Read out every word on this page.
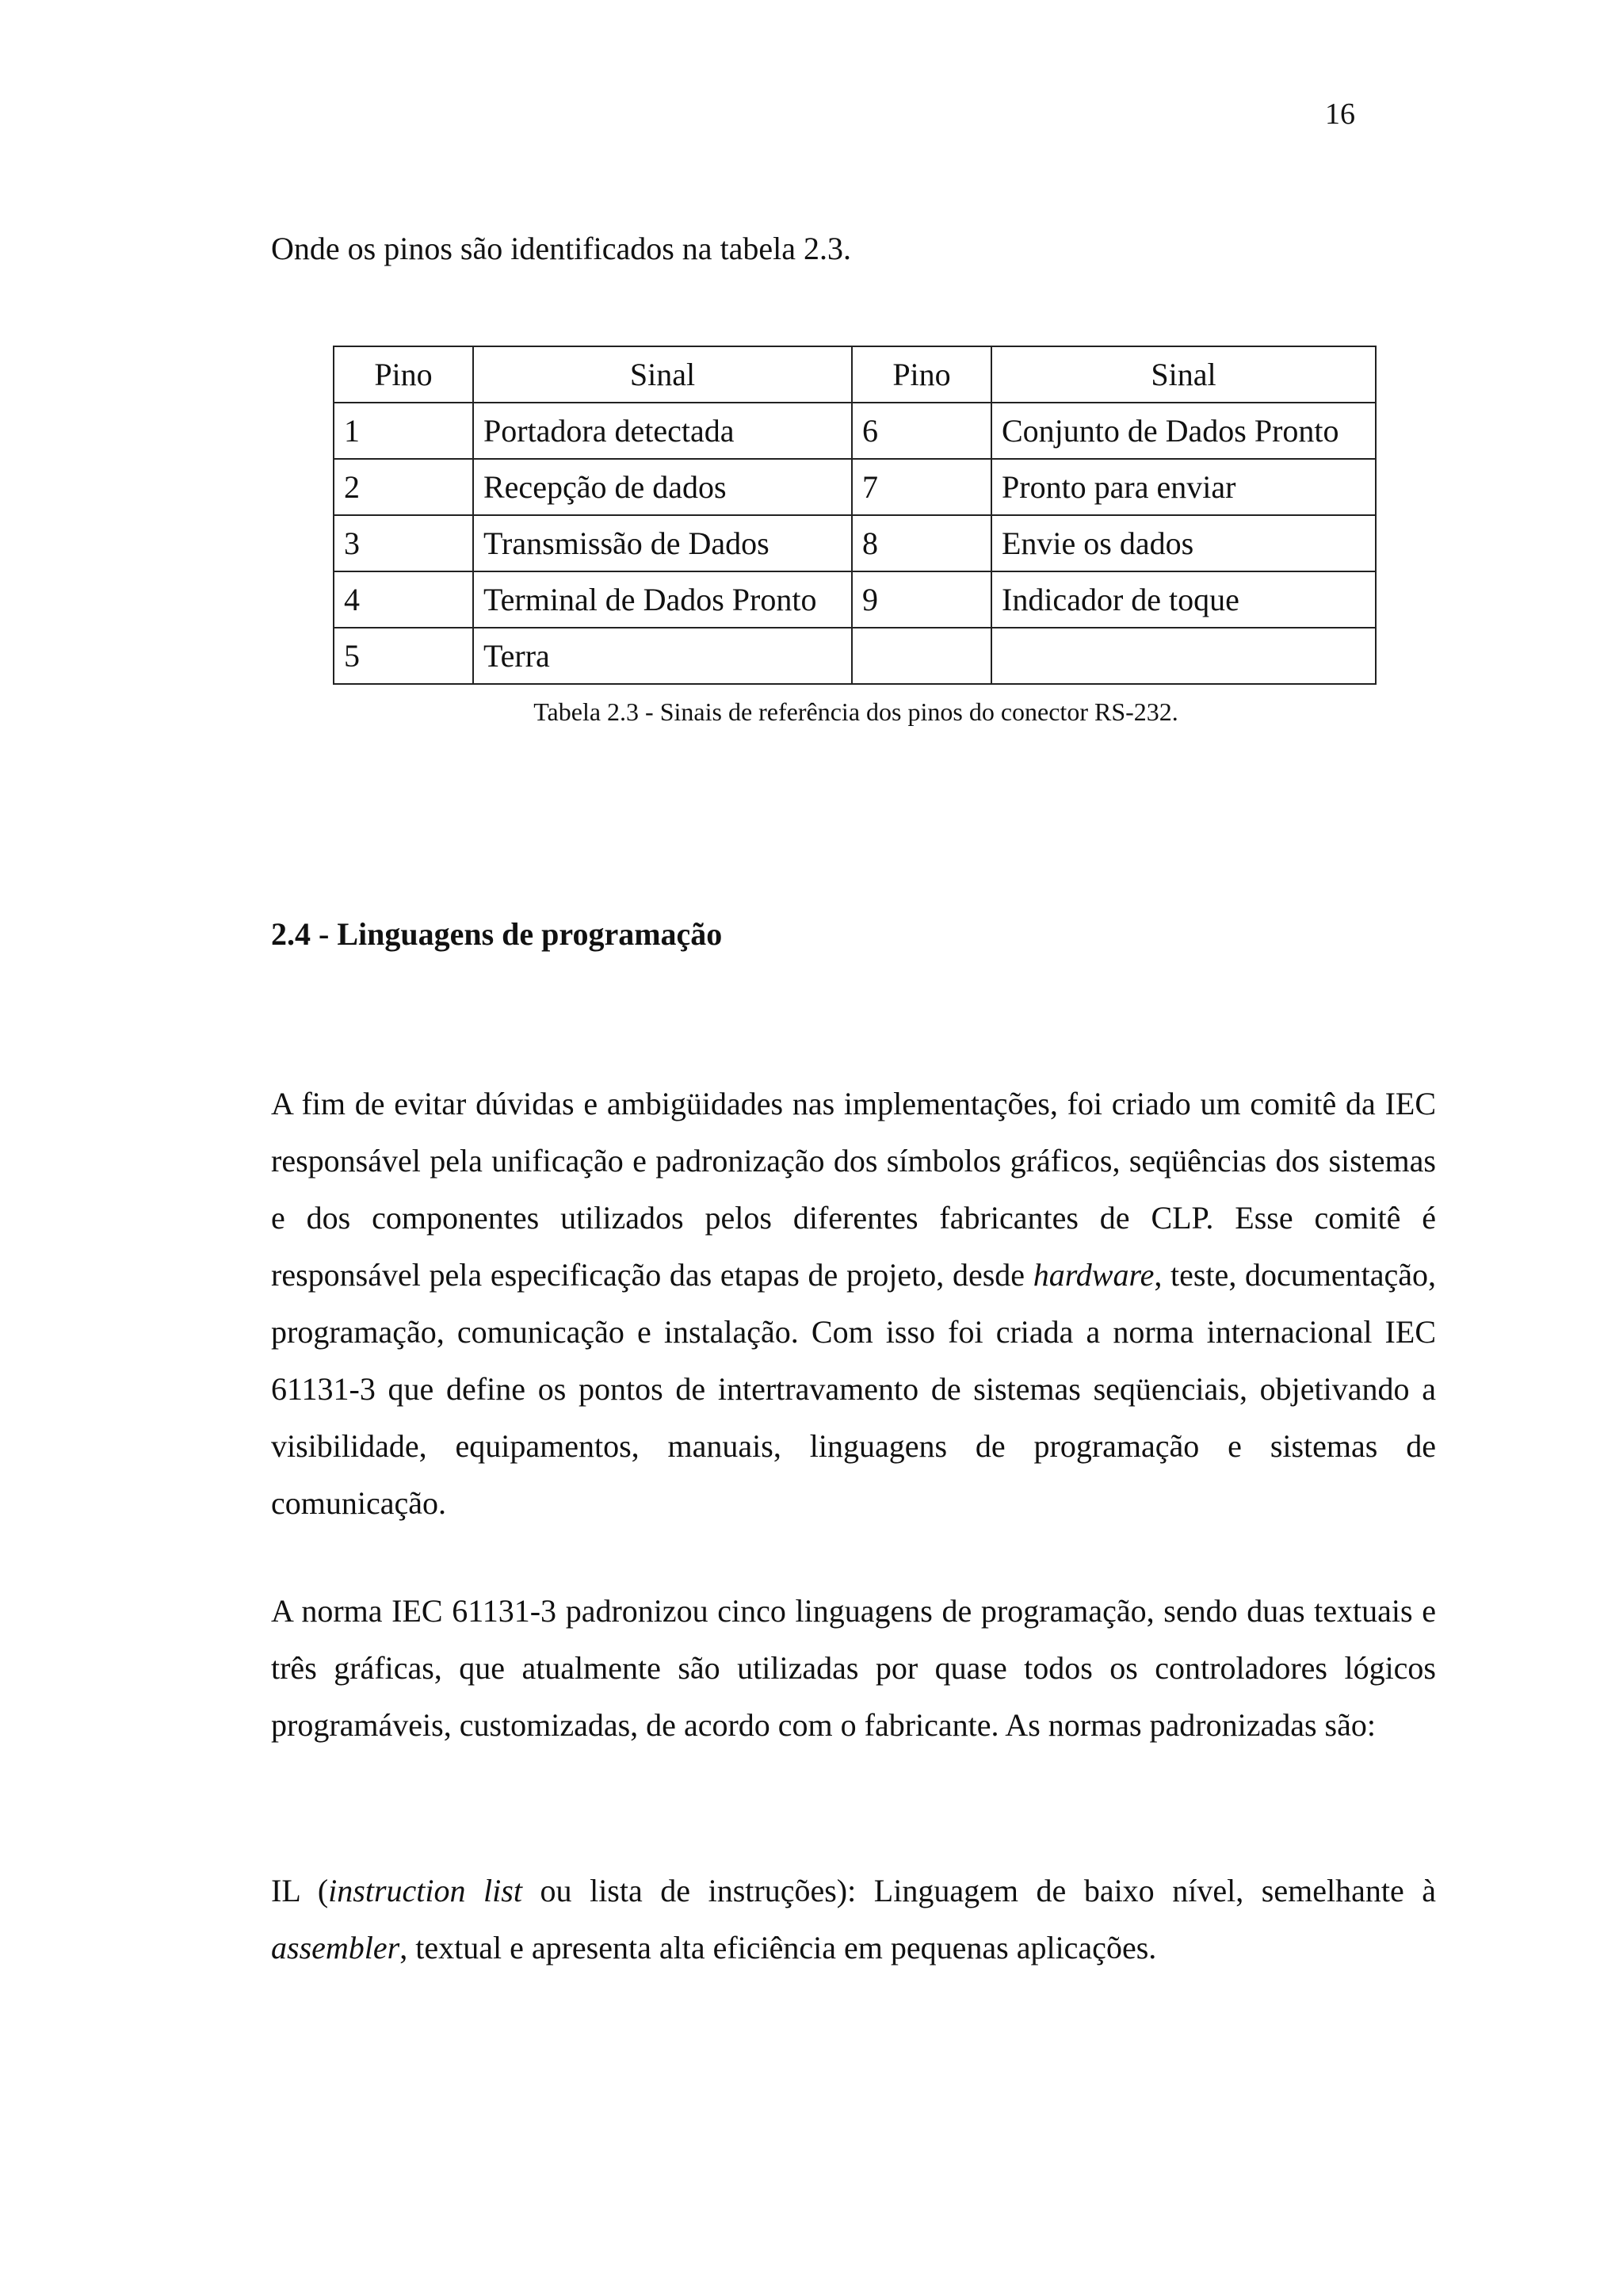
16
Onde os pinos são identificados na tabela 2.3.
Pino	Sinal	Pino	Sinal
1	Portadora detectada	6	Conjunto de Dados Pronto
2	Recepção de dados	7	Pronto para enviar
3	Transmissão de Dados	8	Envie os dados
4	Terminal de Dados Pronto	9	Indicador de toque
5	Terra		
Tabela 2.3 - Sinais de referência dos pinos do conector RS-232.
2.4 - Linguagens de programação

A fim de evitar dúvidas e ambigüidades nas implementações, foi criado um comitê da IEC responsável pela unificação e padronização dos símbolos gráficos, seqüências dos sistemas e dos componentes utilizados pelos diferentes fabricantes de CLP. Esse comitê é responsável pela especificação das etapas de projeto, desde hardware, teste, documentação, programação, comunicação e instalação. Com isso foi criada a norma internacional IEC 61131-3 que define os pontos de intertravamento de sistemas seqüenciais, objetivando a visibilidade, equipamentos, manuais, linguagens de programação e sistemas de comunicação.

A norma IEC 61131-3 padronizou cinco linguagens de programação, sendo duas textuais e três gráficas, que atualmente são utilizadas por quase todos os controladores lógicos programáveis, customizadas, de acordo com o fabricante. As normas padronizadas são:

IL (instruction list ou lista de instruções): Linguagem de baixo nível, semelhante à assembler, textual e apresenta alta eficiência em pequenas aplicações.
